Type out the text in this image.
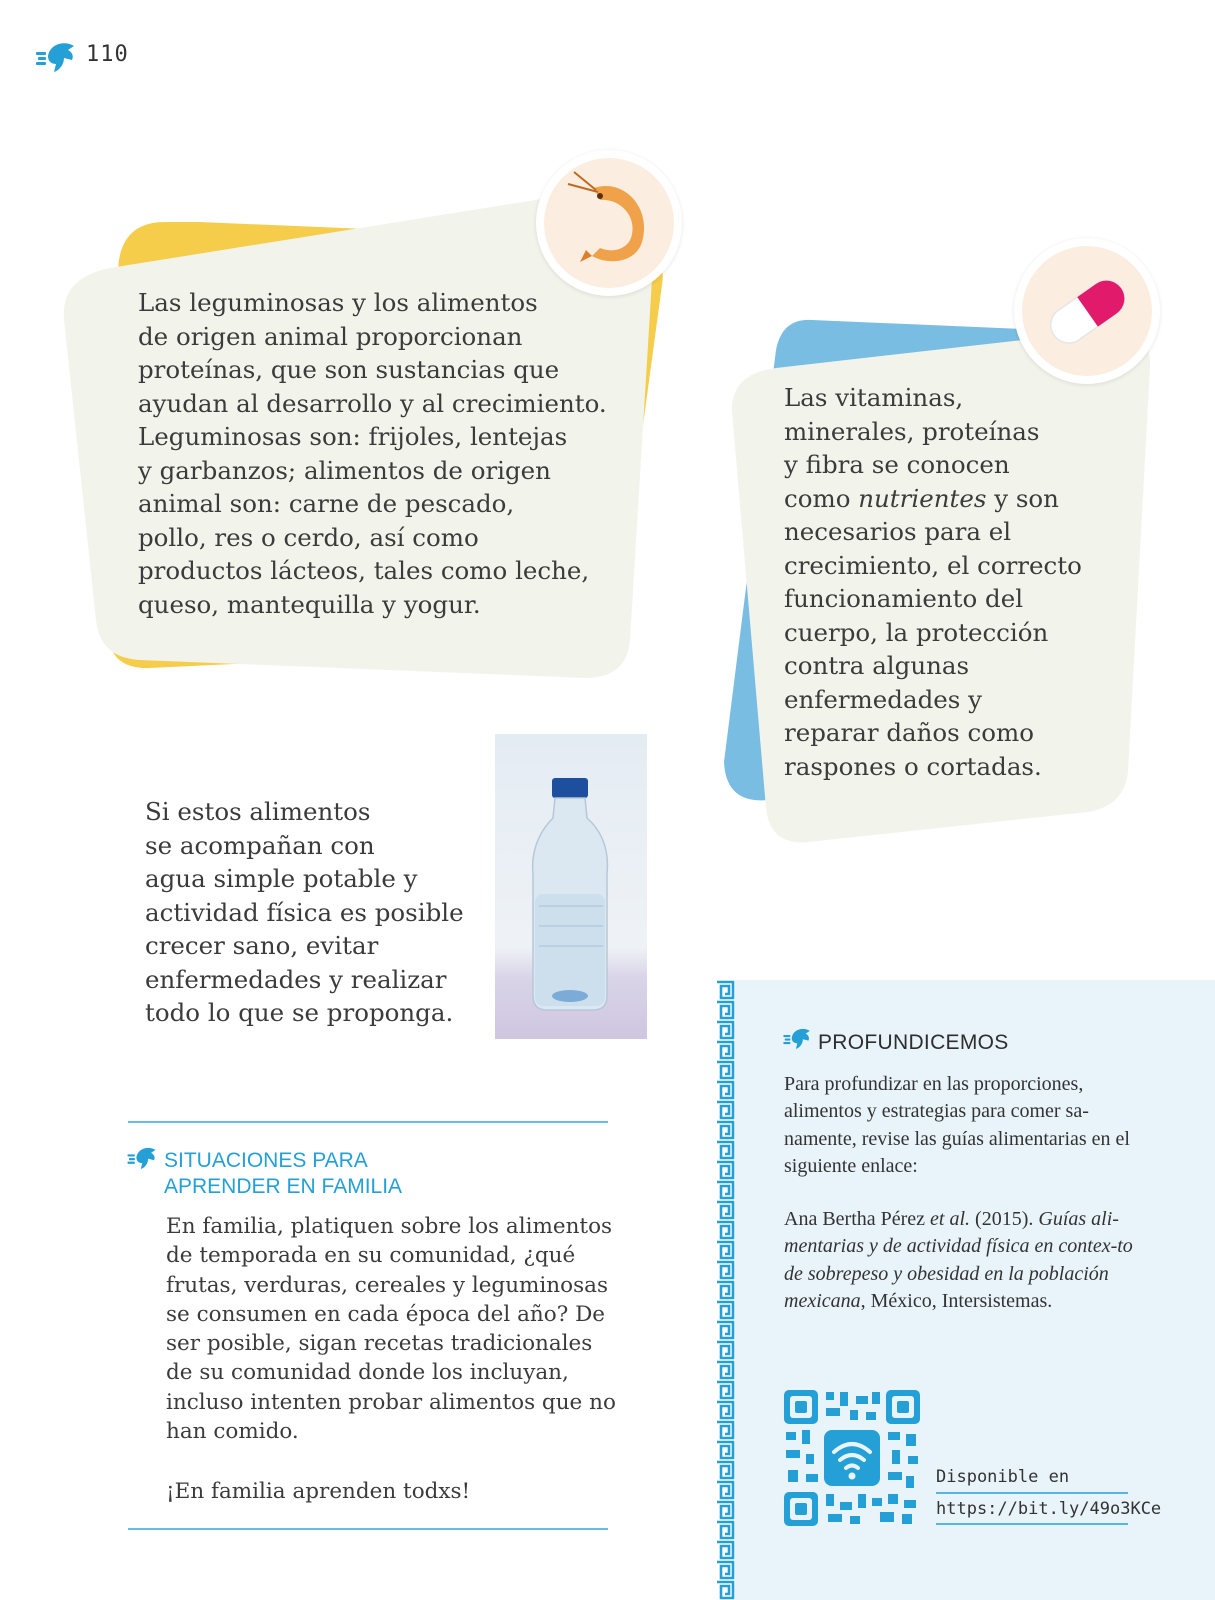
110

Las leguminosas y los alimentos
de origen animal proporcionan
proteínas, que son sustancias que
ayudan al desarrollo y al crecimiento.
Leguminosas son: frijoles, lentejas
y garbanzos; alimentos de origen
animal son: carne de pescado,
pollo, res o cerdo, así como
productos lácteos, tales como leche,
queso, mantequilla y yogur.

Las vitaminas,
minerales, proteínas
y fibra se conocen
como nutrientes y son
necesarios para el
crecimiento, el correcto
funcionamiento del
cuerpo, la protección
contra algunas
enfermedades y
reparar daños como
raspones o cortadas.

Si estos alimentos
se acompañan con
agua simple potable y
actividad física es posible
crecer sano, evitar
enfermedades y realizar
todo lo que se proponga.

SITUACIONES PARA
APRENDER EN FAMILIA

En familia, platiquen sobre los alimentos
de temporada en su comunidad, ¿qué
frutas, verduras, cereales y leguminosas
se consumen en cada época del año? De
ser posible, sigan recetas tradicionales
de su comunidad donde los incluyan,
incluso intenten probar alimentos que no
han comido.

¡En familia aprenden todxs!

PROFUNDICEMOS

Para profundizar en las proporciones, alimentos y estrategias para comer sa-namente, revise las guías alimentarias en el siguiente enlace:

Ana Bertha Pérez et al. (2015). Guías ali-mentarias y de actividad física en contex-to de sobrepeso y obesidad en la población mexicana, México, Intersistemas.

Disponible en
https://bit.ly/49o3KCe
